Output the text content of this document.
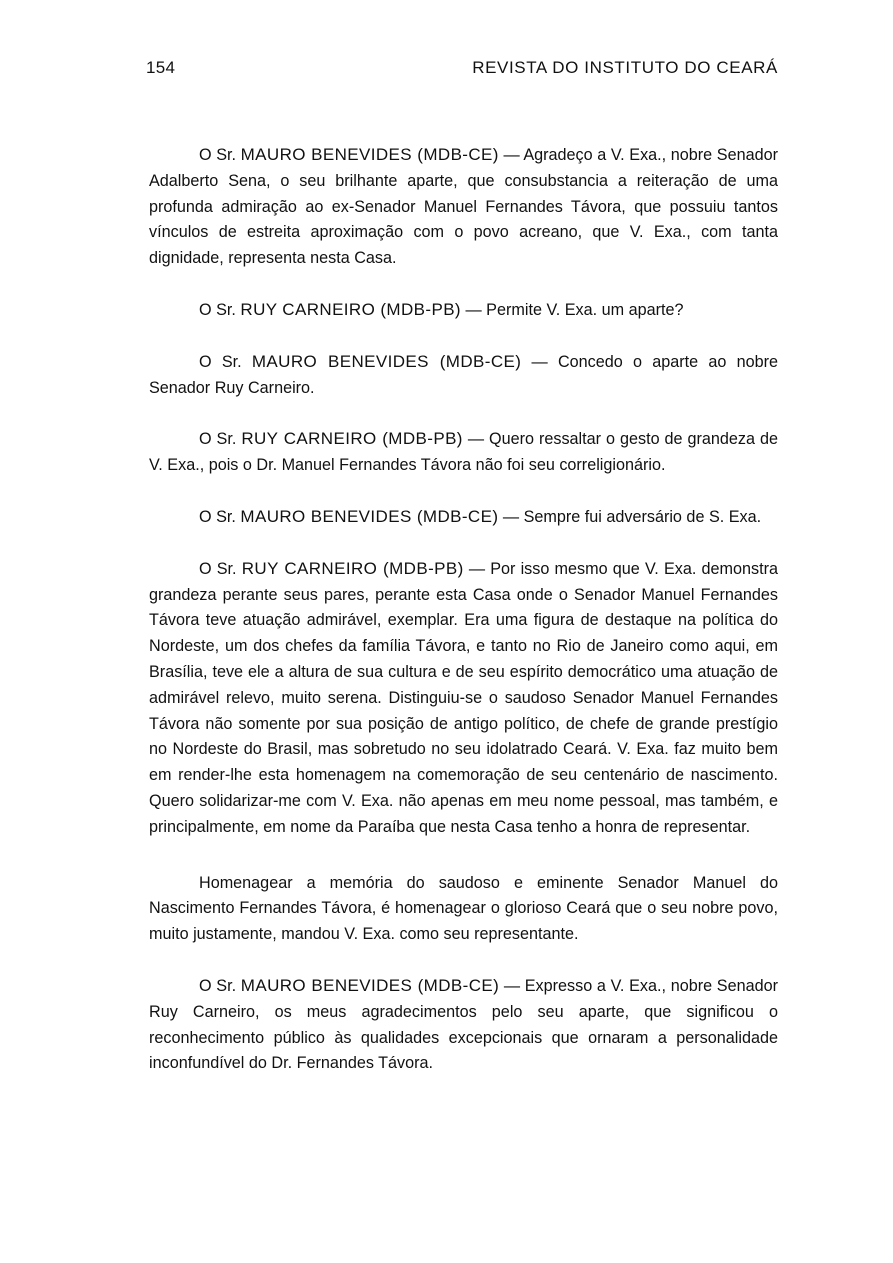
154	REVISTA DO INSTITUTO DO CEARÁ

O Sr. MAURO BENEVIDES (MDB-CE) — Agradeço a V. Exa., nobre Senador Adalberto Sena, o seu brilhante aparte, que consubstancia a reiteração de uma profunda admiração ao ex-Senador Manuel Fernandes Távora, que possuiu tantos vínculos de estreita aproximação com o povo acreano, que V. Exa., com tanta dignidade, representa nesta Casa.

O Sr. RUY CARNEIRO (MDB-PB) — Permite V. Exa. um aparte?

O Sr. MAURO BENEVIDES (MDB-CE) — Concedo o aparte ao nobre Senador Ruy Carneiro.

O Sr. RUY CARNEIRO (MDB-PB) — Quero ressaltar o gesto de grandeza de V. Exa., pois o Dr. Manuel Fernandes Távora não foi seu correligionário.

O Sr. MAURO BENEVIDES (MDB-CE) — Sempre fui adversário de S. Exa.

O Sr. RUY CARNEIRO (MDB-PB) — Por isso mesmo que V. Exa. demonstra grandeza perante seus pares, perante esta Casa onde o Senador Manuel Fernandes Távora teve atuação admirável, exemplar. Era uma figura de destaque na política do Nordeste, um dos chefes da família Távora, e tanto no Rio de Janeiro como aqui, em Brasília, teve ele a altura de sua cultura e de seu espírito democrático uma atuação de admirável relevo, muito serena. Distinguiu-se o saudoso Senador Manuel Fernandes Távora não somente por sua posição de antigo político, de chefe de grande prestígio no Nordeste do Brasil, mas sobretudo no seu idolatrado Ceará. V. Exa. faz muito bem em render-lhe esta homenagem na comemoração de seu centenário de nascimento. Quero solidarizar-me com V. Exa. não apenas em meu nome pessoal, mas também, e principalmente, em nome da Paraíba que nesta Casa tenho a honra de representar.

Homenagear a memória do saudoso e eminente Senador Manuel do Nascimento Fernandes Távora, é homenagear o glorioso Ceará que o seu nobre povo, muito justamente, mandou V. Exa. como seu representante.

O Sr. MAURO BENEVIDES (MDB-CE) — Expresso a V. Exa., nobre Senador Ruy Carneiro, os meus agradecimentos pelo seu aparte, que significou o reconhecimento público às qualidades excepcionais que ornaram a personalidade inconfundível do Dr. Fernandes Távora.
